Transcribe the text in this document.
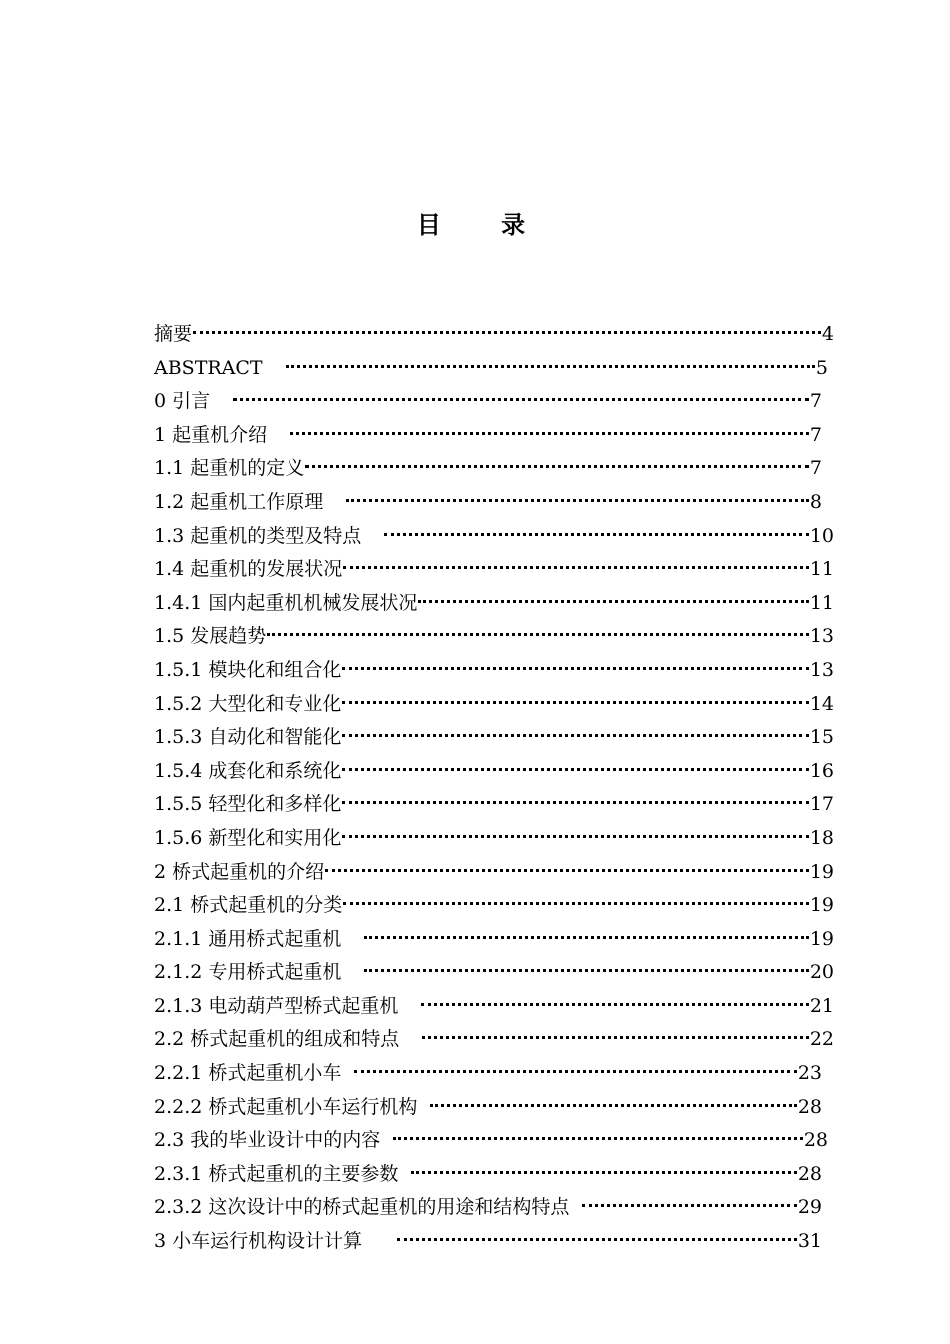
目 录
摘要	4
ABSTRACT	5
0 引言	7
1 起重机介绍	7
1.1 起重机的定义	7
1.2 起重机工作原理	8
1.3 起重机的类型及特点	10
1.4 起重机的发展状况	11
1.4.1 国内起重机机械发展状况	11
1.5 发展趋势	13
1.5.1 模块化和组合化	13
1.5.2 大型化和专业化	14
1.5.3 自动化和智能化	15
1.5.4 成套化和系统化	16
1.5.5 轻型化和多样化	17
1.5.6 新型化和实用化	18
2 桥式起重机的介绍	19
2.1 桥式起重机的分类	19
2.1.1 通用桥式起重机	19
2.1.2 专用桥式起重机	20
2.1.3 电动葫芦型桥式起重机	21
2.2 桥式起重机的组成和特点	22
2.2.1 桥式起重机小车	23
2.2.2 桥式起重机小车运行机构	28
2.3 我的毕业设计中的内容	28
2.3.1 桥式起重机的主要参数	28
2.3.2 这次设计中的桥式起重机的用途和结构特点	29
3 小车运行机构设计计算	31
